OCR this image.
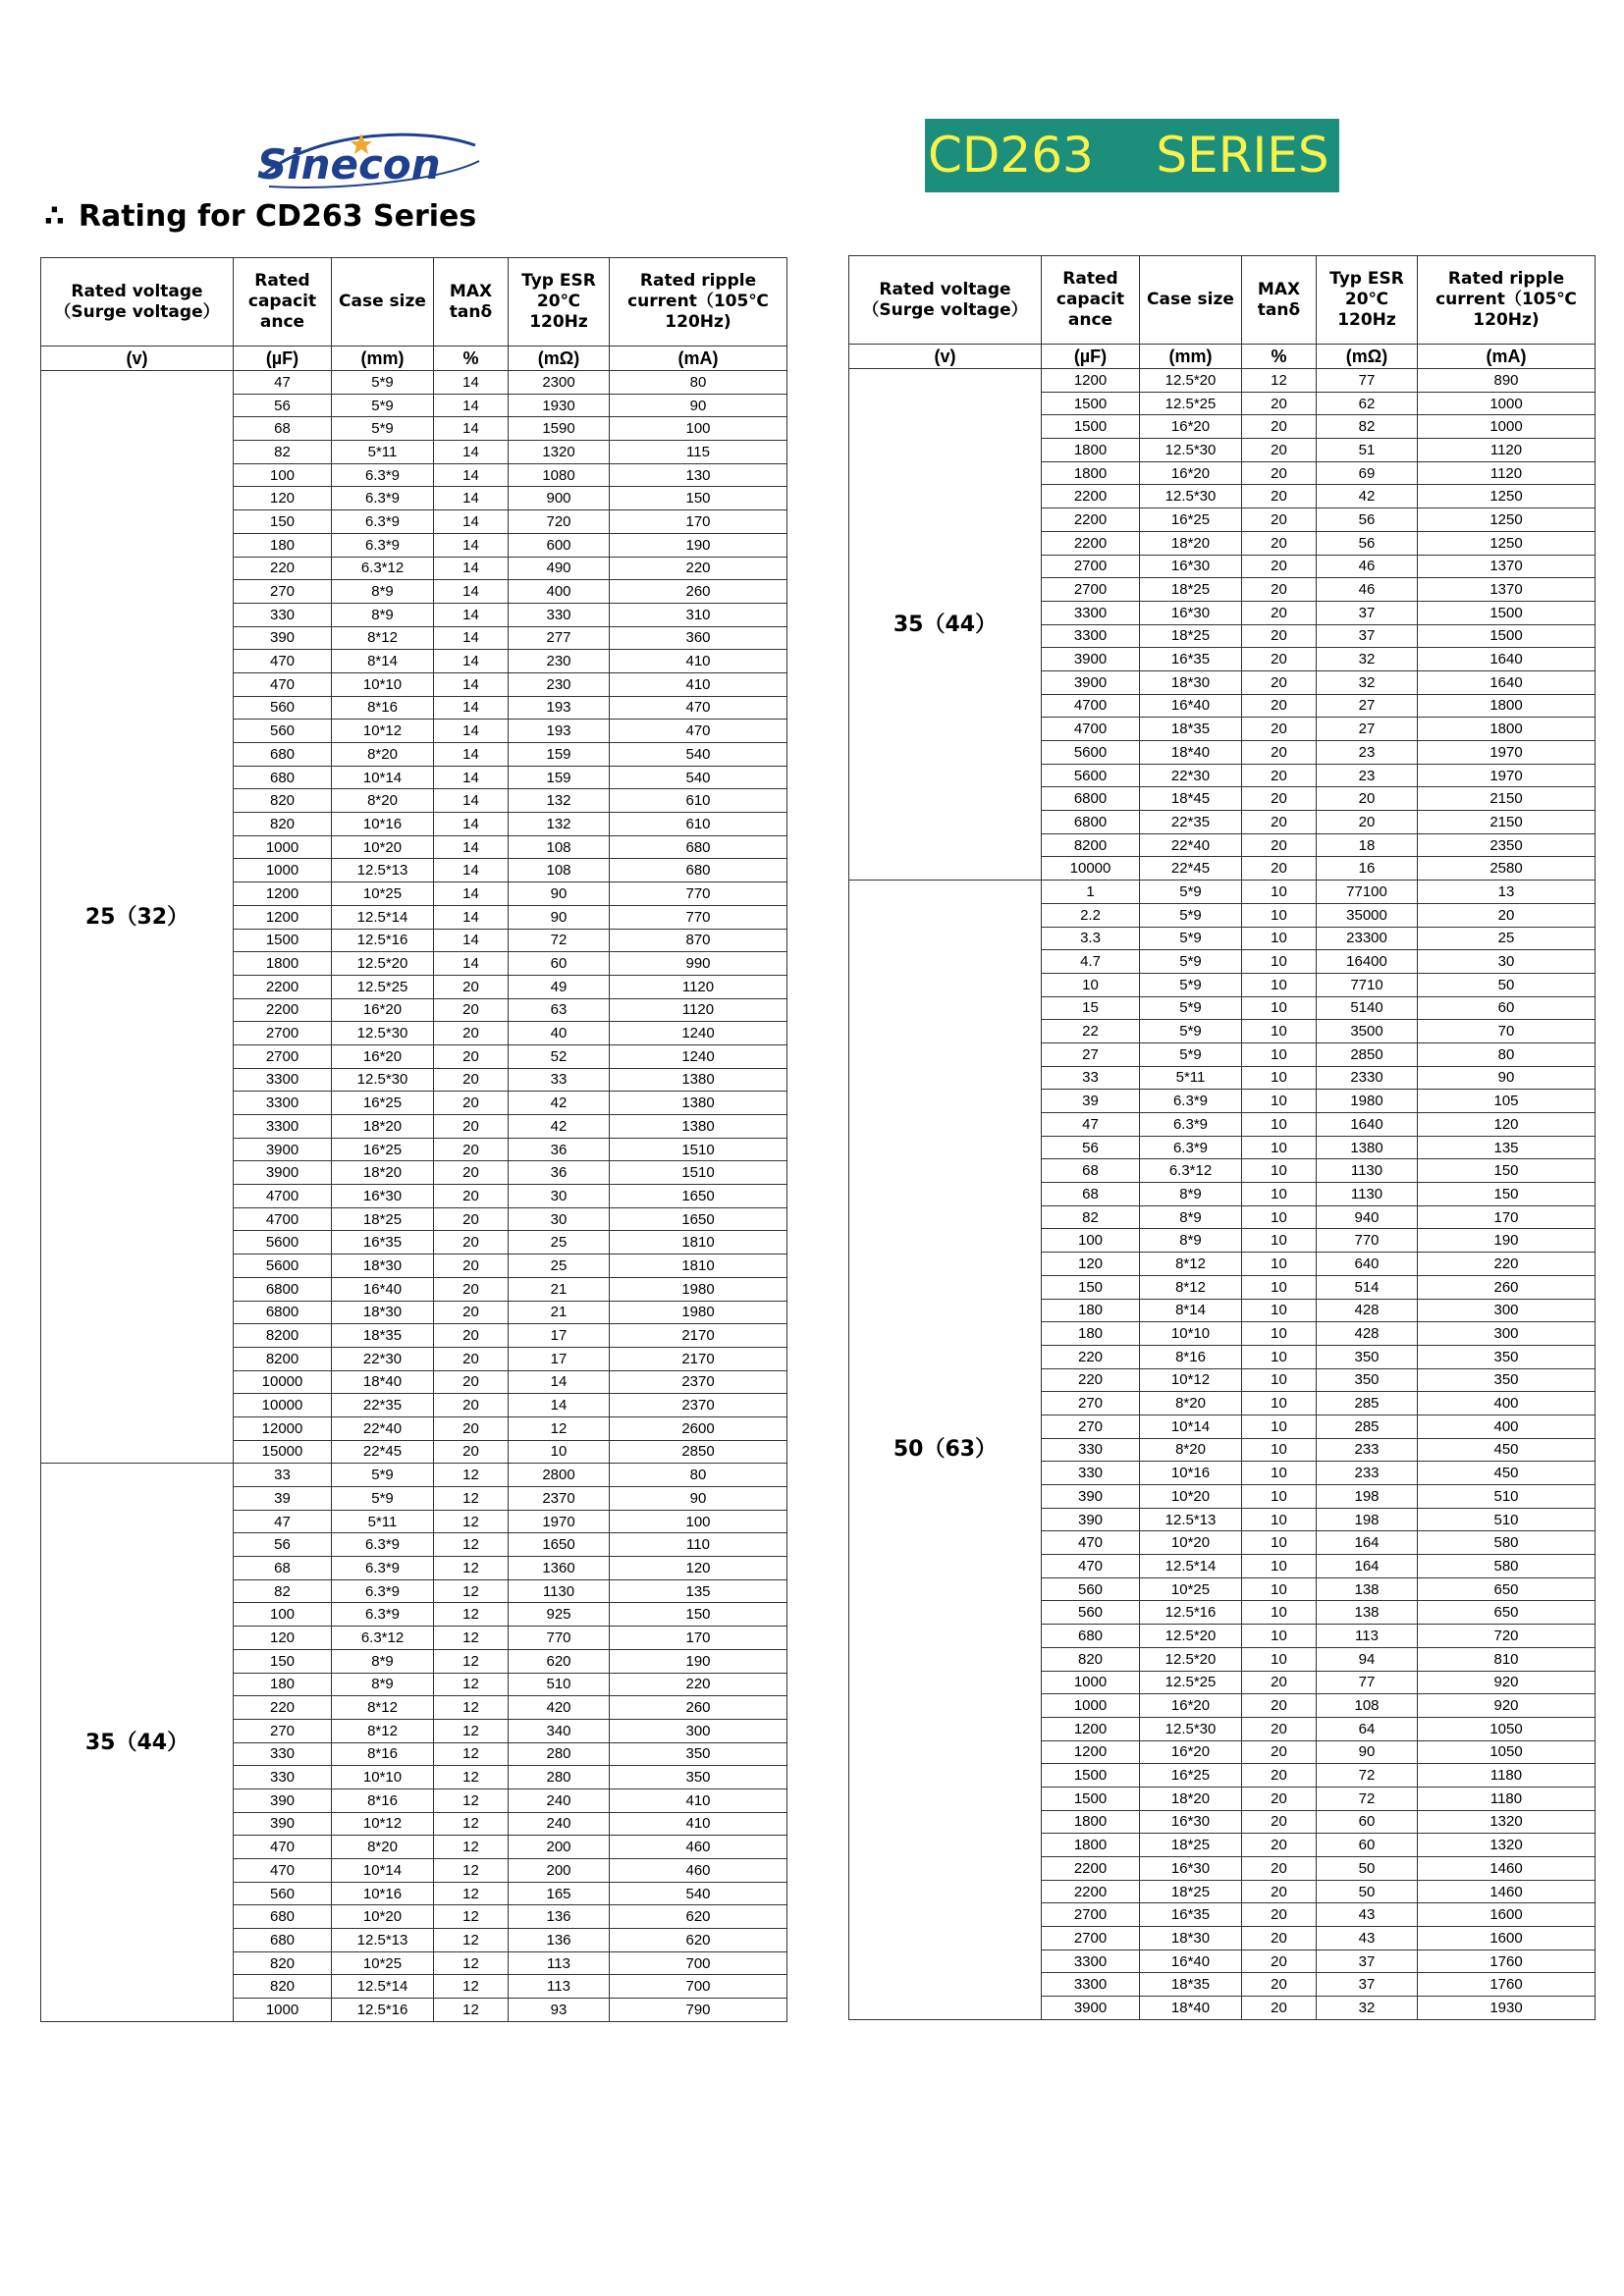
Sinecon	CD263    SERIES
∴ Rating for CD263 Series
Rated voltage
（Surge voltage）	Rated capacit ance	Case size	MAX tanδ	Typ ESR 20℃ 120Hz	Rated ripple current（105℃ 120Hz)
(v)	(µF)	(mm)	%	(mΩ)	(mA)
25（32）	47	5*9	14	2300	80
	56	5*9	14	1930	90
	68	5*9	14	1590	100
	82	5*11	14	1320	115
	100	6.3*9	14	1080	130
	120	6.3*9	14	900	150
	150	6.3*9	14	720	170
	180	6.3*9	14	600	190
	220	6.3*12	14	490	220
	270	8*9	14	400	260
	330	8*9	14	330	310
	390	8*12	14	277	360
	470	8*14	14	230	410
	470	10*10	14	230	410
	560	8*16	14	193	470
	560	10*12	14	193	470
	680	8*20	14	159	540
	680	10*14	14	159	540
	820	8*20	14	132	610
	820	10*16	14	132	610
	1000	10*20	14	108	680
	1000	12.5*13	14	108	680
	1200	10*25	14	90	770
	1200	12.5*14	14	90	770
	1500	12.5*16	14	72	870
	1800	12.5*20	14	60	990
	2200	12.5*25	20	49	1120
	2200	16*20	20	63	1120
	2700	12.5*30	20	40	1240
	2700	16*20	20	52	1240
	3300	12.5*30	20	33	1380
	3300	16*25	20	42	1380
	3300	18*20	20	42	1380
	3900	16*25	20	36	1510
	3900	18*20	20	36	1510
	4700	16*30	20	30	1650
	4700	18*25	20	30	1650
	5600	16*35	20	25	1810
	5600	18*30	20	25	1810
	6800	16*40	20	21	1980
	6800	18*30	20	21	1980
	8200	18*35	20	17	2170
	8200	22*30	20	17	2170
	10000	18*40	20	14	2370
	10000	22*35	20	14	2370
	12000	22*40	20	12	2600
	15000	22*45	20	10	2850
35（44）	33	5*9	12	2800	80
	39	5*9	12	2370	90
	47	5*11	12	1970	100
	56	6.3*9	12	1650	110
	68	6.3*9	12	1360	120
	82	6.3*9	12	1130	135
	100	6.3*9	12	925	150
	120	6.3*12	12	770	170
	150	8*9	12	620	190
	180	8*9	12	510	220
	220	8*12	12	420	260
	270	8*12	12	340	300
	330	8*16	12	280	350
	330	10*10	12	280	350
	390	8*16	12	240	410
	390	10*12	12	240	410
	470	8*20	12	200	460
	470	10*14	12	200	460
	560	10*16	12	165	540
	680	10*20	12	136	620
	680	12.5*13	12	136	620
	820	10*25	12	113	700
	820	12.5*14	12	113	700
	1000	12.5*16	12	93	790
Rated voltage
（Surge voltage）	Rated capacit ance	Case size	MAX tanδ	Typ ESR 20℃ 120Hz	Rated ripple current（105℃ 120Hz)
(v)	(µF)	(mm)	%	(mΩ)	(mA)
35（44）	1200	12.5*20	12	77	890
	1500	12.5*25	20	62	1000
	1500	16*20	20	82	1000
	1800	12.5*30	20	51	1120
	1800	16*20	20	69	1120
	2200	12.5*30	20	42	1250
	2200	16*25	20	56	1250
	2200	18*20	20	56	1250
	2700	16*30	20	46	1370
	2700	18*25	20	46	1370
	3300	16*30	20	37	1500
	3300	18*25	20	37	1500
	3900	16*35	20	32	1640
	3900	18*30	20	32	1640
	4700	16*40	20	27	1800
	4700	18*35	20	27	1800
	5600	18*40	20	23	1970
	5600	22*30	20	23	1970
	6800	18*45	20	20	2150
	6800	22*35	20	20	2150
	8200	22*40	20	18	2350
	10000	22*45	20	16	2580
50（63）	1	5*9	10	77100	13
	2.2	5*9	10	35000	20
	3.3	5*9	10	23300	25
	4.7	5*9	10	16400	30
	10	5*9	10	7710	50
	15	5*9	10	5140	60
	22	5*9	10	3500	70
	27	5*9	10	2850	80
	33	5*11	10	2330	90
	39	6.3*9	10	1980	105
	47	6.3*9	10	1640	120
	56	6.3*9	10	1380	135
	68	6.3*12	10	1130	150
	68	8*9	10	1130	150
	82	8*9	10	940	170
	100	8*9	10	770	190
	120	8*12	10	640	220
	150	8*12	10	514	260
	180	8*14	10	428	300
	180	10*10	10	428	300
	220	8*16	10	350	350
	220	10*12	10	350	350
	270	8*20	10	285	400
	270	10*14	10	285	400
	330	8*20	10	233	450
	330	10*16	10	233	450
	390	10*20	10	198	510
	390	12.5*13	10	198	510
	470	10*20	10	164	580
	470	12.5*14	10	164	580
	560	10*25	10	138	650
	560	12.5*16	10	138	650
	680	12.5*20	10	113	720
	820	12.5*20	10	94	810
	1000	12.5*25	20	77	920
	1000	16*20	20	108	920
	1200	12.5*30	20	64	1050
	1200	16*20	20	90	1050
	1500	16*25	20	72	1180
	1500	18*20	20	72	1180
	1800	16*30	20	60	1320
	1800	18*25	20	60	1320
	2200	16*30	20	50	1460
	2200	18*25	20	50	1460
	2700	16*35	20	43	1600
	2700	18*30	20	43	1600
	3300	16*40	20	37	1760
	3300	18*35	20	37	1760
	3900	18*40	20	32	1930
